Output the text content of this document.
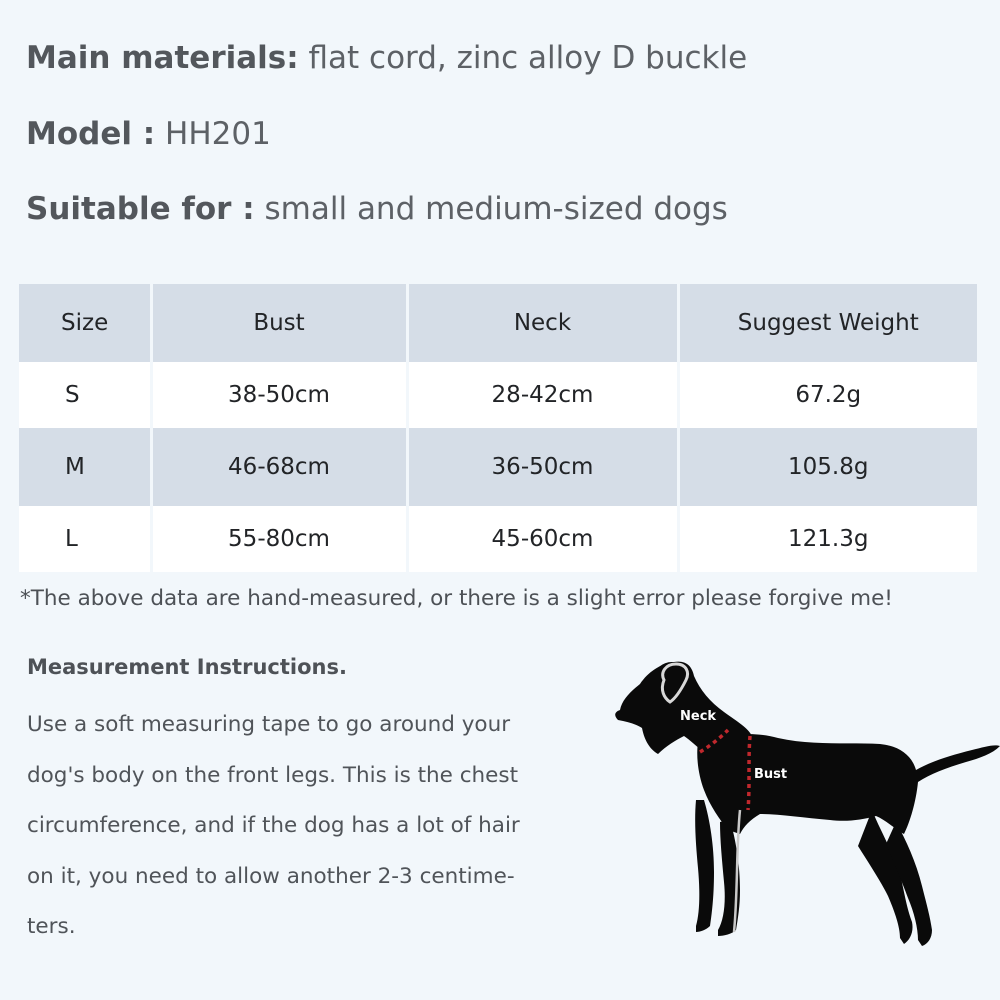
Main materials: flat cord, zinc alloy D buckle
Model : HH201
Suitable for : small and medium-sized dogs
Size	Bust	Neck	Suggest Weight
S	38-50cm	28-42cm	67.2g
M	46-68cm	36-50cm	105.8g
L	55-80cm	45-60cm	121.3g
*The above data are hand-measured, or there is a slight error please forgive me!
Measurement Instructions.
Use a soft measuring tape to go around your
dog's body on the front legs. This is the chest
circumference, and if the dog has a lot of hair
on it, you need to allow another 2-3 centime-
ters.
Neck
Bust
